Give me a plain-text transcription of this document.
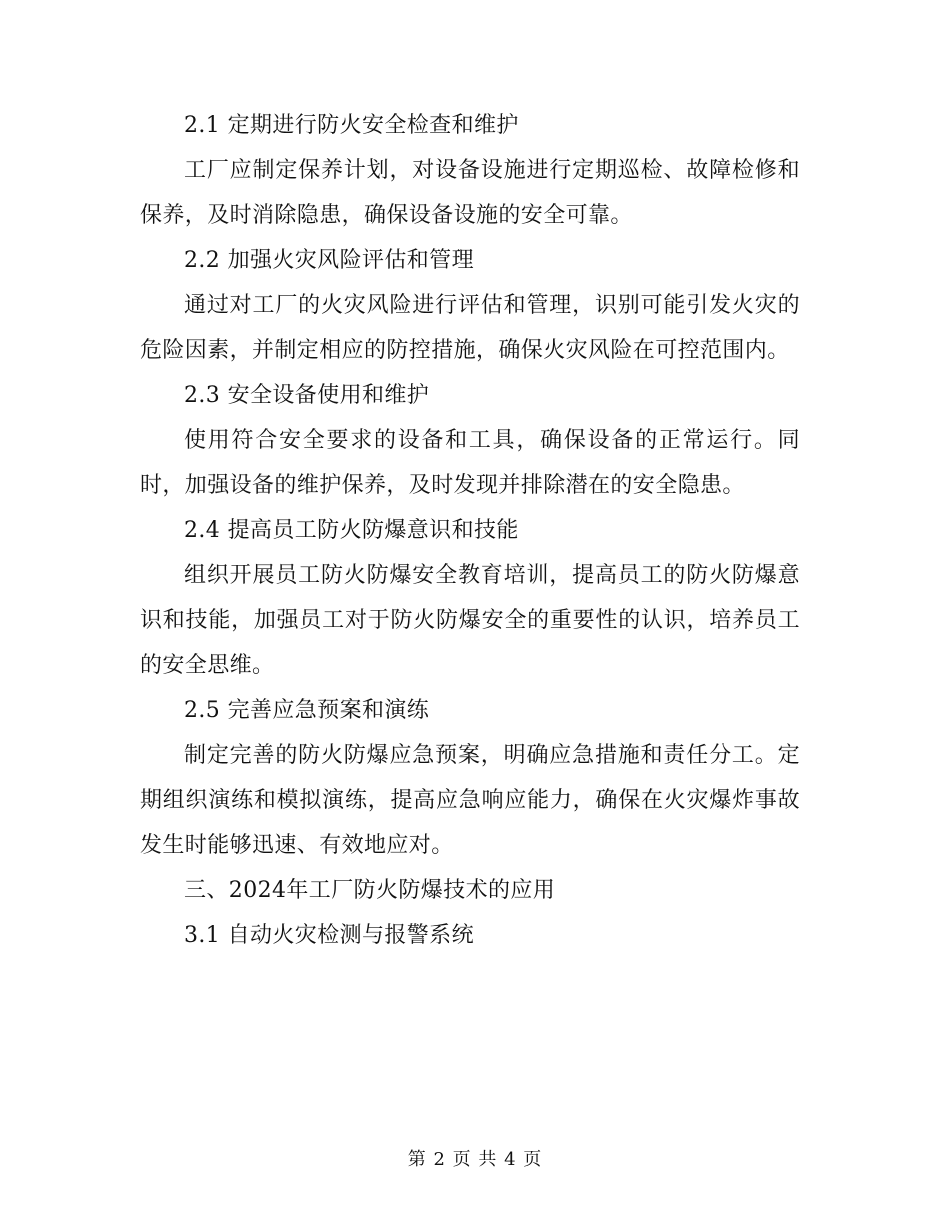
2.1 定期进行防火安全检查和维护

工厂应制定保养计划，对设备设施进行定期巡检、故障检修和保养，及时消除隐患，确保设备设施的安全可靠。

2.2 加强火灾风险评估和管理

通过对工厂的火灾风险进行评估和管理，识别可能引发火灾的危险因素，并制定相应的防控措施，确保火灾风险在可控范围内。

2.3 安全设备使用和维护

使用符合安全要求的设备和工具，确保设备的正常运行。同时，加强设备的维护保养，及时发现并排除潜在的安全隐患。

2.4 提高员工防火防爆意识和技能

组织开展员工防火防爆安全教育培训，提高员工的防火防爆意识和技能，加强员工对于防火防爆安全的重要性的认识，培养员工的安全思维。

2.5 完善应急预案和演练

制定完善的防火防爆应急预案，明确应急措施和责任分工。定期组织演练和模拟演练，提高应急响应能力，确保在火灾爆炸事故发生时能够迅速、有效地应对。

三、2024年工厂防火防爆技术的应用

3.1 自动火灾检测与报警系统

第 2 页 共 4 页
